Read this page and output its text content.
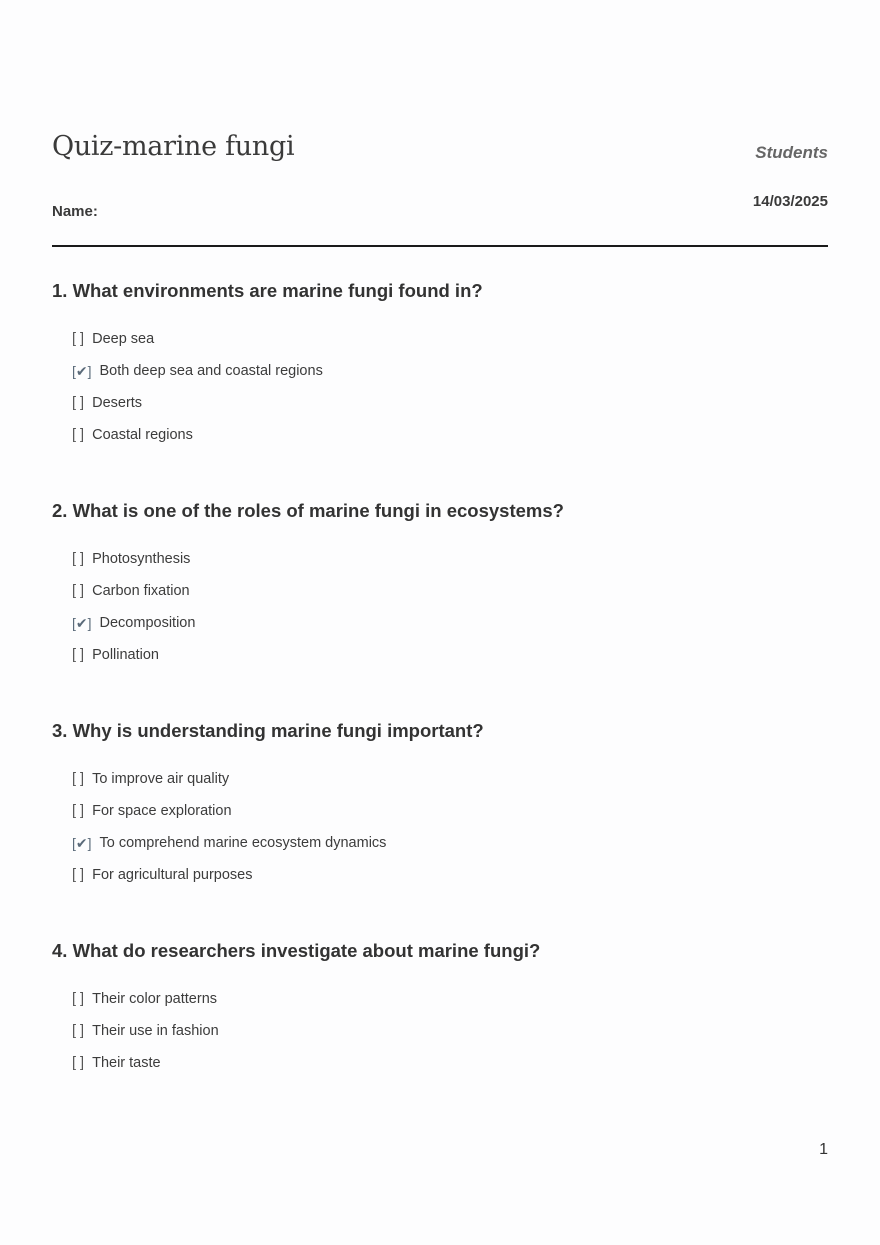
Quiz-marine fungi	Students
14/03/2025
Name:
1. What environments are marine fungi found in?
[ ] Deep sea
[✔] Both deep sea and coastal regions
[ ] Deserts
[ ] Coastal regions
2. What is one of the roles of marine fungi in ecosystems?
[ ] Photosynthesis
[ ] Carbon fixation
[✔] Decomposition
[ ] Pollination
3. Why is understanding marine fungi important?
[ ] To improve air quality
[ ] For space exploration
[✔] To comprehend marine ecosystem dynamics
[ ] For agricultural purposes
4. What do researchers investigate about marine fungi?
[ ] Their color patterns
[ ] Their use in fashion
[ ] Their taste
1
